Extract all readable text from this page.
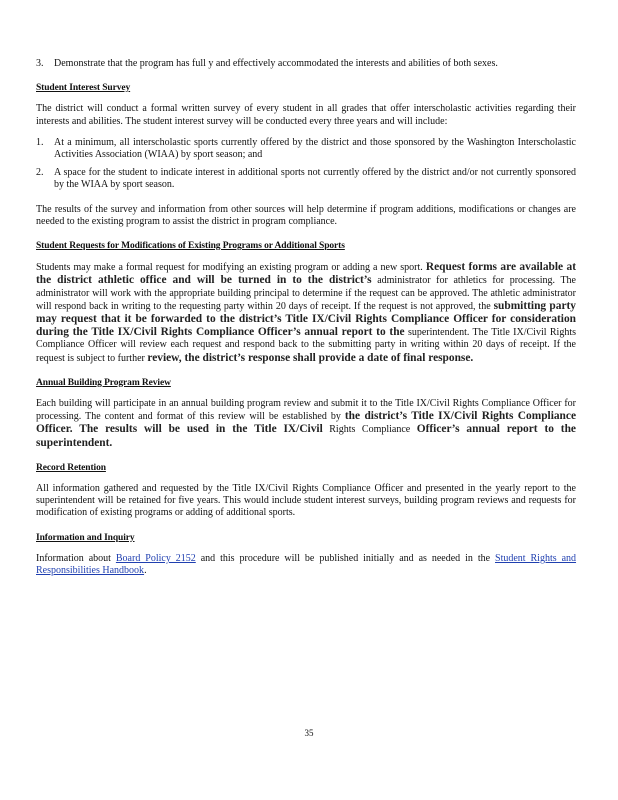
3.	Demonstrate that the program has full y and effectively accommodated the interests and abilities of both sexes.
Student Interest Survey

The district will conduct a formal written survey of every student in all grades that offer interscholastic activities regarding their interests and abilities. The student interest survey will be conducted every three years and will include:

1.	At a minimum, all interscholastic sports currently offered by the district and those sponsored by the Washington Interscholastic Activities Association (WIAA) by sport season; and
2.	A space for the student to indicate interest in additional sports not currently offered by the district and/or not currently sponsored by the WIAA by sport season.

The results of the survey and information from other sources will help determine if program additions, modifications or changes are needed to the existing program to assist the district in program compliance.

Student Requests for Modifications of Existing Programs or Additional Sports

Students may make a formal request for modifying an existing program or adding a new sport. Request forms are available at the district athletic office and will be turned in to the district’s administrator for athletics for processing. The administrator will work with the appropriate building principal to determine if the request can be approved. The athletic administrator will respond back in writing to the requesting party within 20 days of receipt. If the request is not approved, the submitting party may request that it be forwarded to the district’s Title IX/Civil Rights Compliance Officer for consideration during the Title IX/Civil Rights Compliance Officer’s annual report to the superintendent. The Title IX/Civil Rights Compliance Officer will review each request and respond back to the submitting party in writing within 20 days of receipt. If the request is subject to further review, the district’s response shall provide a date of final response.

Annual Building Program Review

Each building will participate in an annual building program review and submit it to the Title IX/Civil Rights Compliance Officer for processing. The content and format of this review will be established by the district’s Title IX/Civil Rights Compliance Officer. The results will be used in the Title IX/Civil Rights Compliance Officer’s annual report to the superintendent.

Record Retention

All information gathered and requested by the Title IX/Civil Rights Compliance Officer and presented in the yearly report to the superintendent will be retained for five years. This would include student interest surveys, building program reviews and requests for modification of existing programs or adding of additional sports.

Information and Inquiry

Information about Board Policy 2152 and this procedure will be published initially and as needed in the Student Rights and Responsibilities Handbook.

35
